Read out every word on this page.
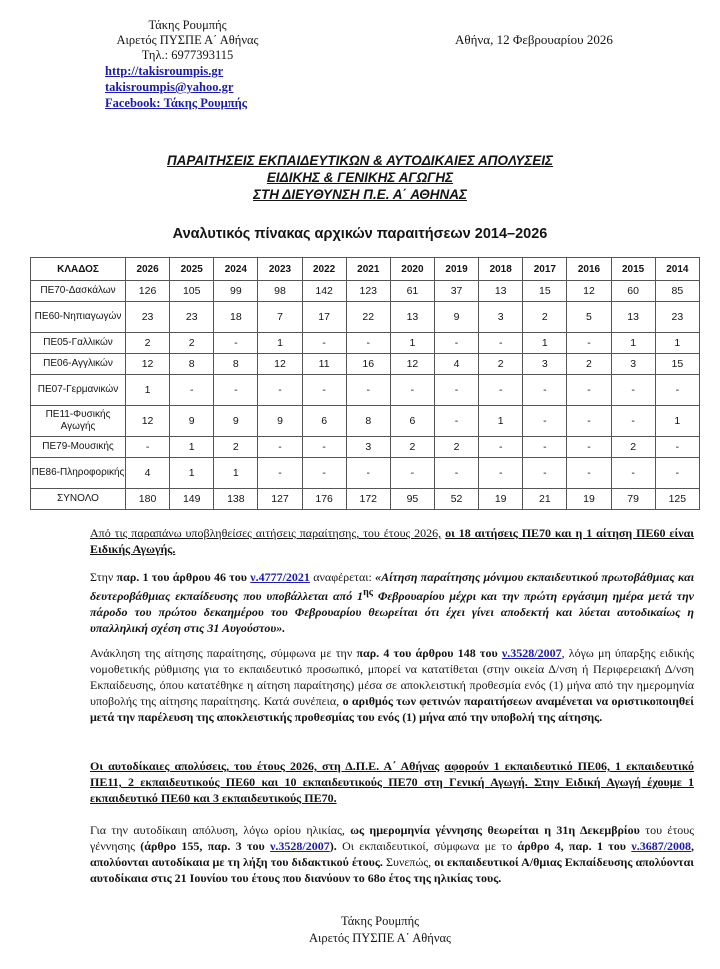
Τάκης Ρουμπής
Αιρετός ΠΥΣΠΕ Α΄ Αθήνας
Τηλ.: 6977393115
http://takisroumpis.gr
takisroumpis@yahoo.gr
Facebook: Τάκης Ρουμπής
Αθήνα, 12 Φεβρουαρίου 2026
ΠΑΡΑΙΤΗΣΕΙΣ ΕΚΠΑΙΔΕΥΤΙΚΩΝ & ΑΥΤΟΔΙΚΑΙΕΣ ΑΠΟΛΥΣΕΙΣ
ΕΙΔΙΚΗΣ & ΓΕΝΙΚΗΣ ΑΓΩΓΗΣ
ΣΤΗ ΔΙΕΥΘΥΝΣΗ Π.Ε. Α΄ ΑΘΗΝΑΣ
Αναλυτικός πίνακας αρχικών παραιτήσεων 2014–2026
ΚΛΑΔΟΣ	2026	2025	2024	2023	2022	2021	2020	2019	2018	2017	2016	2015	2014
ΠΕ70-Δασκάλων	126	105	99	98	142	123	61	37	13	15	12	60	85
ΠΕ60-Νηπιαγωγών	23	23	18	7	17	22	13	9	3	2	5	13	23
ΠΕ05-Γαλλικών	2	2	-	1	-	-	1	-	-	1	-	1	1
ΠΕ06-Αγγλικών	12	8	8	12	11	16	12	4	2	3	2	3	15
ΠΕ07-Γερμανικών	1	-	-	-	-	-	-	-	-	-	-	-	-
ΠΕ11-Φυσικής Αγωγής	12	9	9	9	6	8	6	-	1	-	-	-	1
ΠΕ79-Μουσικής	-	1	2	-	-	3	2	2	-	-	-	2	-
ΠΕ86-Πληροφορικής	4	1	1	-	-	-	-	-	-	-	-	-	-
ΣΥΝΟΛΟ	180	149	138	127	176	172	95	52	19	21	19	79	125
Από τις παραπάνω υποβληθείσες αιτήσεις παραίτησης, του έτους 2026, οι 18 αιτήσεις ΠΕ70 και η 1 αίτηση ΠΕ60 είναι Ειδικής Αγωγής.
Στην παρ. 1 του άρθρου 46 του ν.4777/2021 αναφέρεται: «Αίτηση παραίτησης μόνιμου εκπαιδευτικού πρωτοβάθμιας και δευτεροβάθμιας εκπαίδευσης που υποβάλλεται από $1^{\eta\varsigma}$ Φεβρουαρίου μέχρι και την πρώτη εργάσιμη ημέρα μετά την πάροδο του πρώτου δεκαημέρου του Φεβρουαρίου θεωρείται ότι έχει γίνει αποδεκτή και λύεται αυτοδικαίως η υπαλληλική σχέση στις 31 Αυγούστου».
Ανάκληση της αίτησης παραίτησης, σύμφωνα με την παρ. 4 του άρθρου 148 του ν.3528/2007, λόγω μη ύπαρξης ειδικής νομοθετικής ρύθμισης για το εκπαιδευτικό προσωπικό, μπορεί να κατατίθεται (στην οικεία Δ/νση ή Περιφερειακή Δ/νση Εκπαίδευσης, όπου κατατέθηκε η αίτηση παραίτησης) μέσα σε αποκλειστική προθεσμία ενός (1) μήνα από την ημερομηνία υποβολής της αίτησης παραίτησης. Κατά συνέπεια, ο αριθμός των φετινών παραιτήσεων αναμένεται να οριστικοποιηθεί μετά την παρέλευση της αποκλειστικής προθεσμίας του ενός (1) μήνα από την υποβολή της αίτησης.
Οι αυτοδίκαιες απολύσεις, του έτους 2026, στη Δ.Π.Ε. Α΄ Αθήνας αφορούν 1 εκπαιδευτικό ΠΕ06, 1 εκπαιδευτικό ΠΕ11, 2 εκπαιδευτικούς ΠΕ60 και 10 εκπαιδευτικούς ΠΕ70 στη Γενική Αγωγή. Στην Ειδική Αγωγή έχουμε 1 εκπαιδευτικό ΠΕ60 και 3 εκπαιδευτικούς ΠΕ70.
Για την αυτοδίκαιη απόλυση, λόγω ορίου ηλικίας, ως ημερομηνία γέννησης θεωρείται η 31η Δεκεμβρίου του έτους γέννησης (άρθρο 155, παρ. 3 του ν.3528/2007). Οι εκπαιδευτικοί, σύμφωνα με το άρθρο 4, παρ. 1 του ν.3687/2008, απολύονται αυτοδίκαια με τη λήξη του διδακτικού έτους. Συνεπώς, οι εκπαιδευτικοί Α/θμιας Εκπαίδευσης απολύονται αυτοδίκαια στις 21 Ιουνίου του έτους που διανύουν το 68ο έτος της ηλικίας τους.
Τάκης Ρουμπής
Αιρετός ΠΥΣΠΕ Α΄ Αθήνας
